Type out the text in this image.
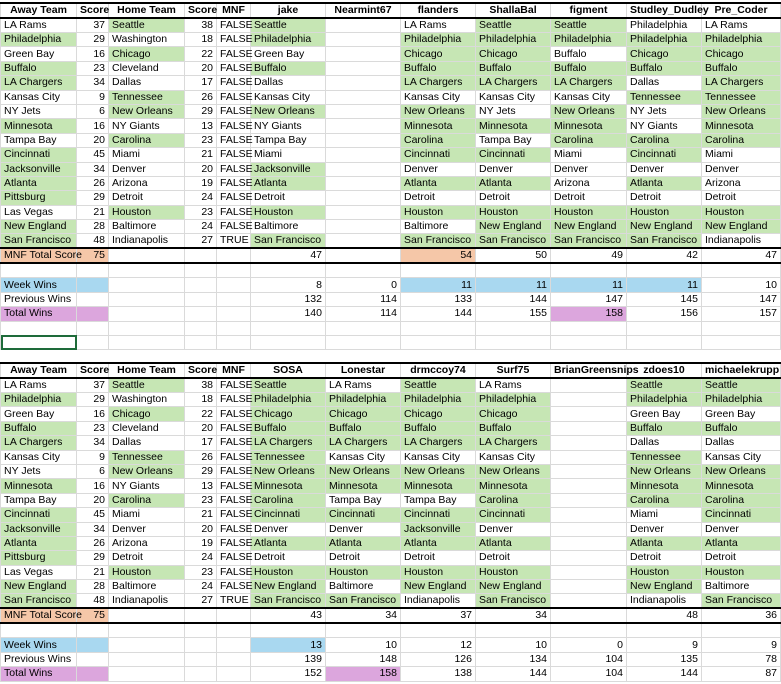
Away Team	Score	Home Team	Score	MNF	jake	Nearmint67	flanders	ShallaBal	figment	Studley_Dudley	Pre_Coder
LA Rams	37	Seattle	38	FALSE	Seattle		LA Rams	Seattle	Seattle	Philadelphia	LA Rams
Philadelphia	29	Washington	18	FALSE	Philadelphia		Philadelphia	Philadelphia	Philadelphia	Philadelphia	Philadelphia
Green Bay	16	Chicago	22	FALSE	Green Bay		Chicago	Chicago	Buffalo	Chicago	Chicago
Buffalo	23	Cleveland	20	FALSE	Buffalo		Buffalo	Buffalo	Buffalo	Buffalo	Buffalo
LA Chargers	34	Dallas	17	FALSE	Dallas		LA Chargers	LA Chargers	LA Chargers	Dallas	LA Chargers
Kansas City	9	Tennessee	26	FALSE	Kansas City		Kansas City	Kansas City	Kansas City	Tennessee	Tennessee
NY Jets	6	New Orleans	29	FALSE	New Orleans		New Orleans	NY Jets	New Orleans	NY Jets	New Orleans
Minnesota	16	NY Giants	13	FALSE	NY Giants		Minnesota	Minnesota	Minnesota	NY Giants	Minnesota
Tampa Bay	20	Carolina	23	FALSE	Tampa Bay		Carolina	Tampa Bay	Carolina	Carolina	Carolina
Cincinnati	45	Miami	21	FALSE	Miami		Cincinnati	Cincinnati	Miami	Cincinnati	Miami
Jacksonville	34	Denver	20	FALSE	Jacksonville		Denver	Denver	Denver	Denver	Denver
Atlanta	26	Arizona	19	FALSE	Atlanta		Atlanta	Atlanta	Arizona	Atlanta	Arizona
Pittsburg	29	Detroit	24	FALSE	Detroit		Detroit	Detroit	Detroit	Detroit	Detroit
Las Vegas	21	Houston	23	FALSE	Houston		Houston	Houston	Houston	Houston	Houston
New England	28	Baltimore	24	FALSE	Baltimore		Baltimore	New England	New England	New England	New England
San Francisco	48	Indianapolis	27	TRUE	San Francisco		San Francisco	San Francisco	San Francisco	San Francisco	Indianapolis
MNF Total Score	75				47		54	50	49	42	47

Week Wins					8	0	11	11	11	11	10
Previous Wins					132	114	133	144	147	145	147
Total Wins					140	114	144	155	158	156	157

Away Team	Score	Home Team	Score	MNF	SOSA	Lonestar	drmccoy74	Surf75	BrianGreensnips	zdoes10	michaelekrupp
LA Rams	37	Seattle	38	FALSE	Seattle	LA Rams	Seattle	LA Rams		Seattle	Seattle
Philadelphia	29	Washington	18	FALSE	Philadelphia	Philadelphia	Philadelphia	Philadelphia		Philadelphia	Philadelphia
Green Bay	16	Chicago	22	FALSE	Chicago	Chicago	Chicago	Chicago		Green Bay	Green Bay
Buffalo	23	Cleveland	20	FALSE	Buffalo	Buffalo	Buffalo	Buffalo		Buffalo	Buffalo
LA Chargers	34	Dallas	17	FALSE	LA Chargers	LA Chargers	LA Chargers	LA Chargers		Dallas	Dallas
Kansas City	9	Tennessee	26	FALSE	Tennessee	Kansas City	Kansas City	Kansas City		Tennessee	Kansas City
NY Jets	6	New Orleans	29	FALSE	New Orleans	New Orleans	New Orleans	New Orleans		New Orleans	New Orleans
Minnesota	16	NY Giants	13	FALSE	Minnesota	Minnesota	Minnesota	Minnesota		Minnesota	Minnesota
Tampa Bay	20	Carolina	23	FALSE	Carolina	Tampa Bay	Tampa Bay	Carolina		Carolina	Carolina
Cincinnati	45	Miami	21	FALSE	Cincinnati	Cincinnati	Cincinnati	Cincinnati		Miami	Cincinnati
Jacksonville	34	Denver	20	FALSE	Denver	Denver	Jacksonville	Denver		Denver	Denver
Atlanta	26	Arizona	19	FALSE	Atlanta	Atlanta	Atlanta	Atlanta		Atlanta	Atlanta
Pittsburg	29	Detroit	24	FALSE	Detroit	Detroit	Detroit	Detroit		Detroit	Detroit
Las Vegas	21	Houston	23	FALSE	Houston	Houston	Houston	Houston		Houston	Houston
New England	28	Baltimore	24	FALSE	New England	Baltimore	New England	New England		New England	Baltimore
San Francisco	48	Indianapolis	27	TRUE	San Francisco	San Francisco	Indianapolis	San Francisco		Indianapolis	San Francisco
MNF Total Score	75				43	34	37	34		48	36

Week Wins					13	10	12	10	0	9	9
Previous Wins					139	148	126	134	104	135	78
Total Wins					152	158	138	144	104	144	87
